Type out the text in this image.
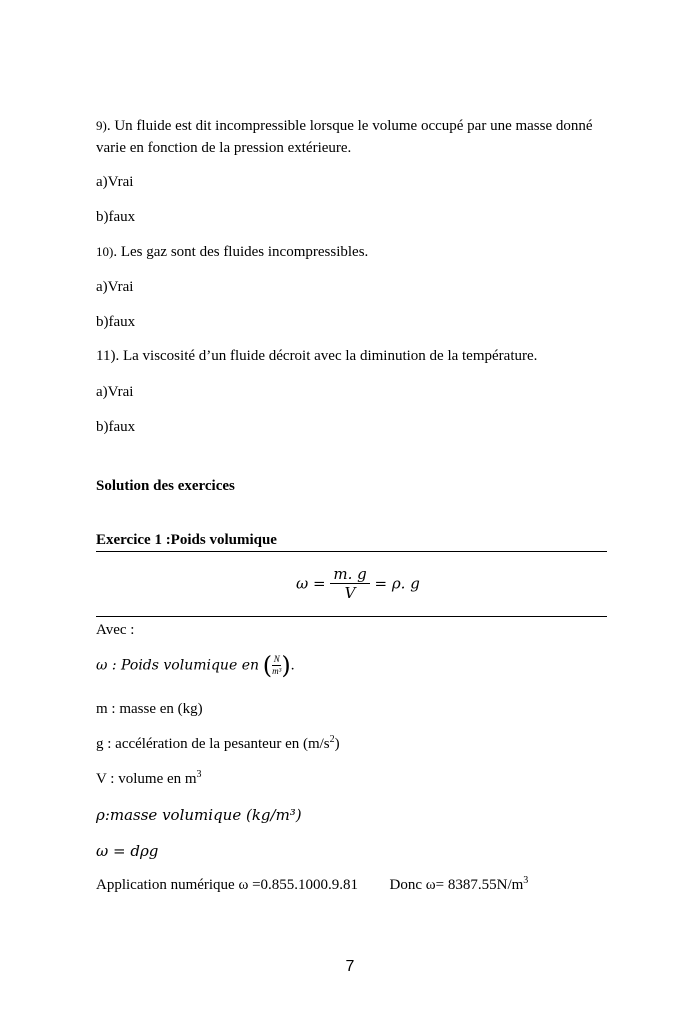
9). Un fluide est dit incompressible lorsque le volume occupé par une masse donné varie en fonction de la pression extérieure.
a)Vrai
b)faux
10). Les gaz sont des fluides incompressibles.
a)Vrai
b)faux
11). La viscosité d’un fluide décroit avec la diminution de la température.
a)Vrai
b)faux
Solution des exercices
Exercice 1 :Poids volumique
$\omega = \frac{m. g}{V} = \rho$. g
Avec :
ω : Poids volumique en ( $\frac{N}{\text{m³}}$ ).
m : masse en (kg)
g : accélération de la pesanteur en $(m/s^2)$
V : volume en $m^3$
ρ:masse volumique (kg/m³)
ω = dρg
Application numérique ω =0.855.1000.9.81 Donc $\omega= 8387.55N/m^3$
7
